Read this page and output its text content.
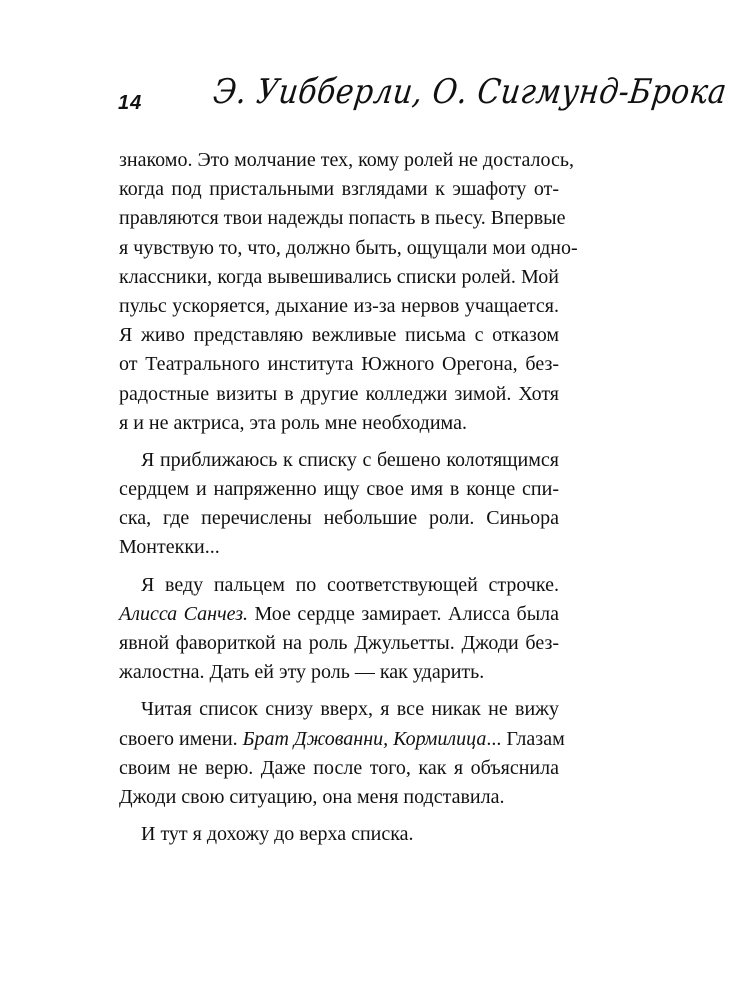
14 Э. Уибберли, О. Сигмунд-Брока
знакомо. Это молчание тех, кому ролей не досталось,
когда под пристальными взглядами к эшафоту от-
правляются твои надежды попасть в пьесу. Впервые
я чувствую то, что, должно быть, ощущали мои одно-
классники, когда вывешивались списки ролей. Мой
пульс ускоряется, дыхание из-за нервов учащается.
Я живо представляю вежливые письма с отказом
от Театрального института Южного Орегона, без-
радостные визиты в другие колледжи зимой. Хотя
я и не актриса, эта роль мне необходима.
Я приближаюсь к списку с бешено колотящимся
сердцем и напряженно ищу свое имя в конце спи-
ска, где перечислены небольшие роли. Синьора
Монтекки...
Я веду пальцем по соответствующей строчке.
Алисса Санчез. Мое сердце замирает. Алисса была
явной фавориткой на роль Джульетты. Джоди без-
жалостна. Дать ей эту роль — как ударить.
Читая список снизу вверх, я все никак не вижу
своего имени. Брат Джованни, Кормилица... Глазам
своим не верю. Даже после того, как я объяснила
Джоди свою ситуацию, она меня подставила.
И тут я дохожу до верха списка.
